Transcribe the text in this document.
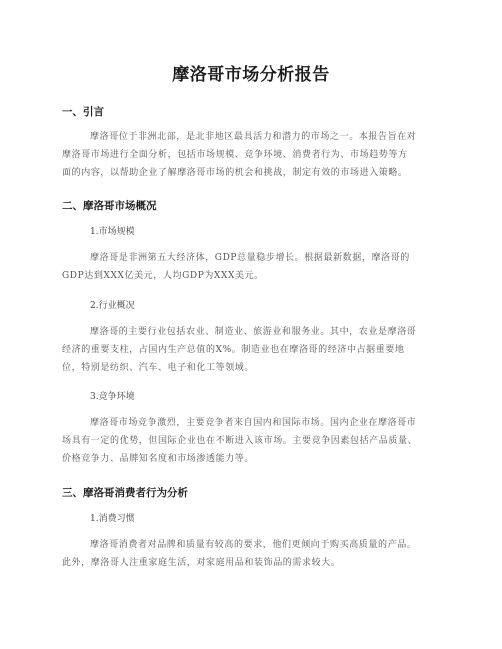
摩洛哥市场分析报告
一、引言
摩洛哥位于非洲北部，是北非地区最具活力和潜力的市场之一。本报告旨在对
摩洛哥市场进行全面分析，包括市场规模、竞争环境、消费者行为、市场趋势等方
面的内容，以帮助企业了解摩洛哥市场的机会和挑战，制定有效的市场进入策略。
二、摩洛哥市场概况
1.市场规模
摩洛哥是非洲第五大经济体，GDP总量稳步增长。根据最新数据，摩洛哥的
GDP达到XXX亿美元，人均GDP为XXX美元。
2.行业概况
摩洛哥的主要行业包括农业、制造业、旅游业和服务业。其中，农业是摩洛哥
经济的重要支柱，占国内生产总值的X%。制造业也在摩洛哥的经济中占据重要地
位，特别是纺织、汽车、电子和化工等领域。
3.竞争环境
摩洛哥市场竞争激烈，主要竞争者来自国内和国际市场。国内企业在摩洛哥市
场具有一定的优势，但国际企业也在不断进入该市场。主要竞争因素包括产品质量、
价格竞争力、品牌知名度和市场渗透能力等。
三、摩洛哥消费者行为分析
1.消费习惯
摩洛哥消费者对品牌和质量有较高的要求，他们更倾向于购买高质量的产品。
此外，摩洛哥人注重家庭生活，对家庭用品和装饰品的需求较大。
